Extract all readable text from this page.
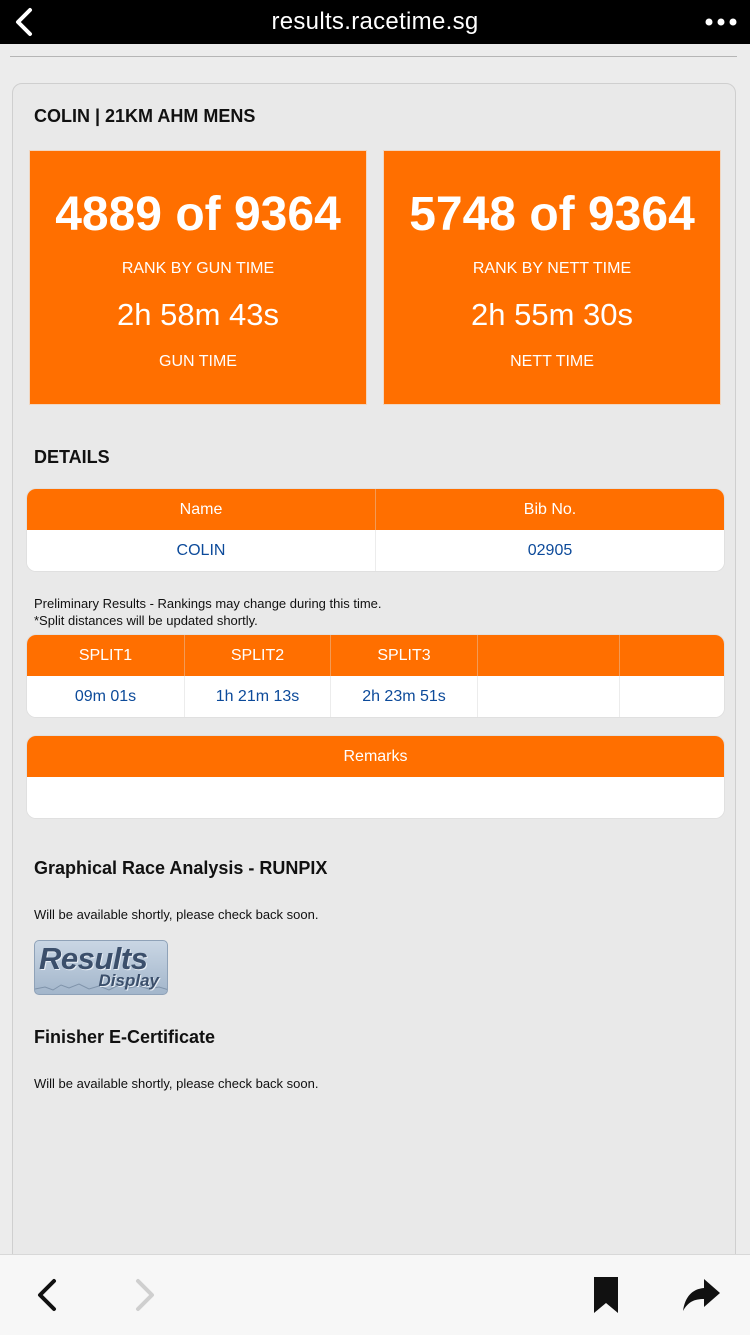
results.racetime.sg
COLIN | 21KM AHM MENS
4889 of 9364
RANK BY GUN TIME
2h 58m 43s
GUN TIME
5748 of 9364
RANK BY NETT TIME
2h 55m 30s
NETT TIME
DETAILS
Name	Bib No.
COLIN	02905
Preliminary Results - Rankings may change during this time.
*Split distances will be updated shortly.
SPLIT1	SPLIT2	SPLIT3
09m 01s	1h 21m 13s	2h 23m 51s
Remarks
Graphical Race Analysis - RUNPIX
Will be available shortly, please check back soon.
Results
Display
Finisher E-Certificate
Will be available shortly, please check back soon.
